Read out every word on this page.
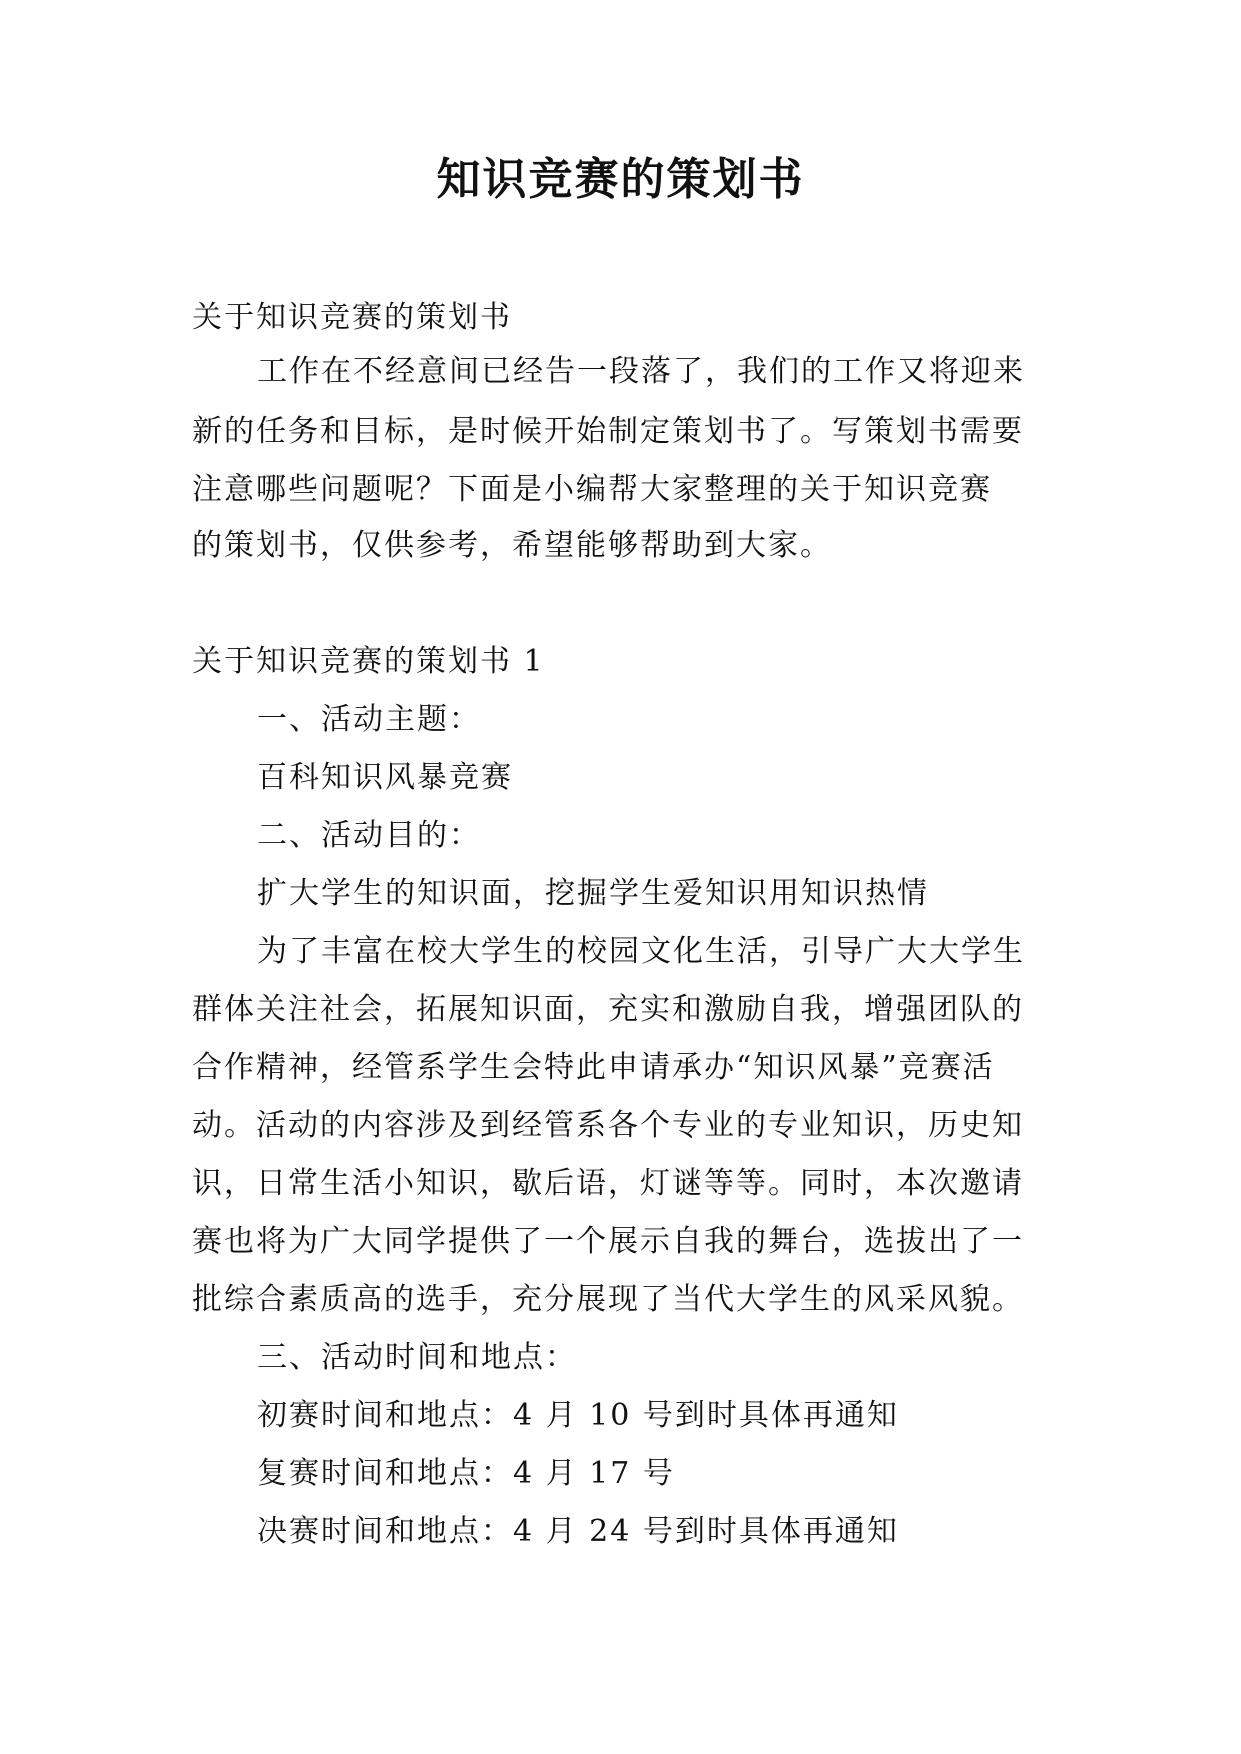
知识竞赛的策划书
关于知识竞赛的策划书
工作在不经意间已经告一段落了，我们的工作又将迎来
新的任务和目标，是时候开始制定策划书了。写策划书需要
注意哪些问题呢？下面是小编帮大家整理的关于知识竞赛
的策划书，仅供参考，希望能够帮助到大家。
关于知识竞赛的策划书 1
一、活动主题：
百科知识风暴竞赛
二、活动目的：
扩大学生的知识面，挖掘学生爱知识用知识热情
为了丰富在校大学生的校园文化生活，引导广大大学生
群体关注社会，拓展知识面，充实和激励自我，增强团队的
合作精神，经管系学生会特此申请承办“知识风暴”竞赛活
动。活动的内容涉及到经管系各个专业的专业知识，历史知
识，日常生活小知识，歇后语，灯谜等等。同时，本次邀请
赛也将为广大同学提供了一个展示自我的舞台，选拔出了一
批综合素质高的选手，充分展现了当代大学生的风采风貌。
三、活动时间和地点：
初赛时间和地点：4 月 10 号到时具体再通知
复赛时间和地点：4 月 17 号
决赛时间和地点：4 月 24 号到时具体再通知
